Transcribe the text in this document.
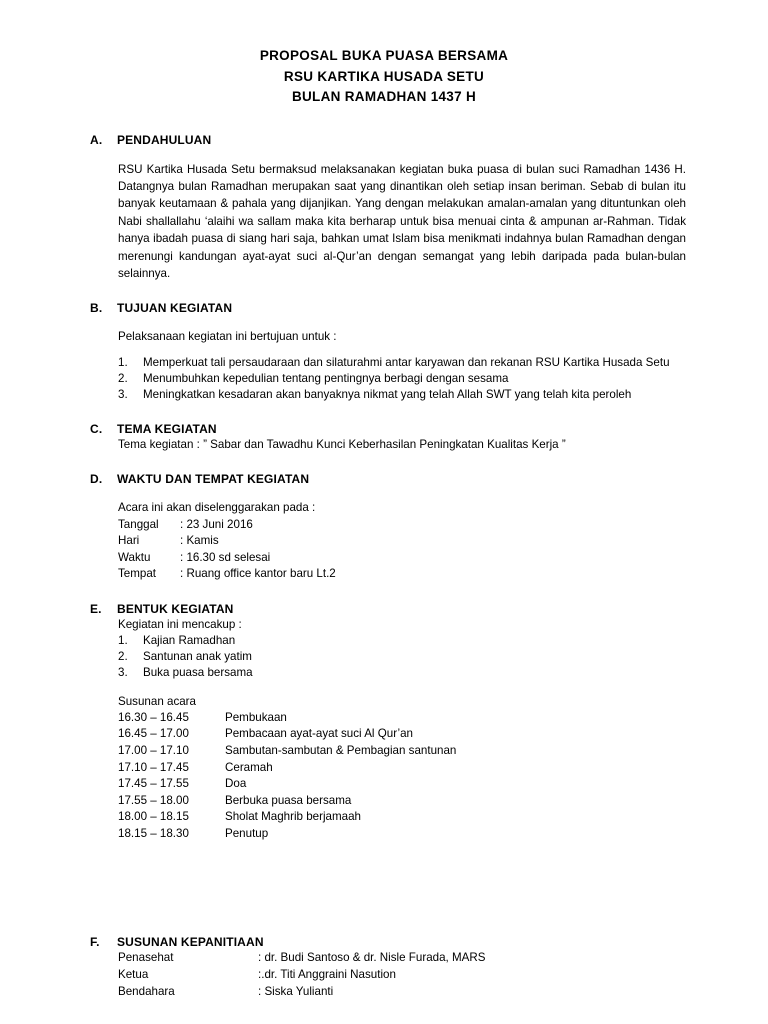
PROPOSAL BUKA PUASA BERSAMA
RSU KARTIKA HUSADA SETU
BULAN RAMADHAN 1437 H
A. PENDAHULUAN
RSU Kartika Husada Setu bermaksud melaksanakan kegiatan buka puasa di bulan suci Ramadhan 1436 H. Datangnya bulan Ramadhan merupakan saat yang dinantikan oleh setiap insan beriman. Sebab di bulan itu banyak keutamaan & pahala yang dijanjikan. Yang dengan melakukan amalan-amalan yang dituntunkan oleh Nabi shallallahu ‘alaihi wa sallam maka kita berharap untuk bisa menuai cinta & ampunan ar-Rahman. Tidak hanya ibadah puasa di siang hari saja, bahkan umat Islam bisa menikmati indahnya bulan Ramadhan dengan merenungi kandungan ayat-ayat suci al-Qur’an dengan semangat yang lebih daripada pada bulan-bulan selainnya.
B. TUJUAN KEGIATAN
Pelaksanaan kegiatan ini bertujuan untuk :
1. Memperkuat tali persaudaraan dan silaturahmi antar karyawan dan rekanan RSU Kartika Husada Setu
2. Menumbuhkan kepedulian tentang pentingnya berbagi dengan sesama
3. Meningkatkan kesadaran akan banyaknya nikmat yang telah Allah SWT yang telah kita peroleh
C. TEMA KEGIATAN
Tema kegiatan : ” Sabar dan Tawadhu Kunci Keberhasilan Peningkatan Kualitas Kerja ”
D. WAKTU DAN TEMPAT KEGIATAN
Acara ini akan diselenggarakan pada :
Tanggal	: 23 Juni 2016
Hari	: Kamis
Waktu	: 16.30 sd selesai
Tempat	: Ruang office kantor baru Lt.2
E. BENTUK KEGIATAN
Kegiatan ini mencakup :
1. Kajian Ramadhan
2. Santunan anak yatim
3. Buka puasa bersama
Susunan acara
16.30 – 16.45	Pembukaan
16.45 – 17.00	Pembacaan ayat-ayat suci Al Qur’an
17.00 – 17.10	Sambutan-sambutan & Pembagian santunan
17.10 – 17.45	Ceramah
17.45 – 17.55	Doa
17.55 – 18.00	Berbuka puasa bersama
18.00 – 18.15	Sholat Maghrib berjamaah
18.15 – 18.30	Penutup
F. SUSUNAN KEPANITIAAN
Penasehat	: dr. Budi Santoso & dr. Nisle Furada, MARS
Ketua	:.dr. Titi Anggraini Nasution
Bendahara	: Siska Yulianti
